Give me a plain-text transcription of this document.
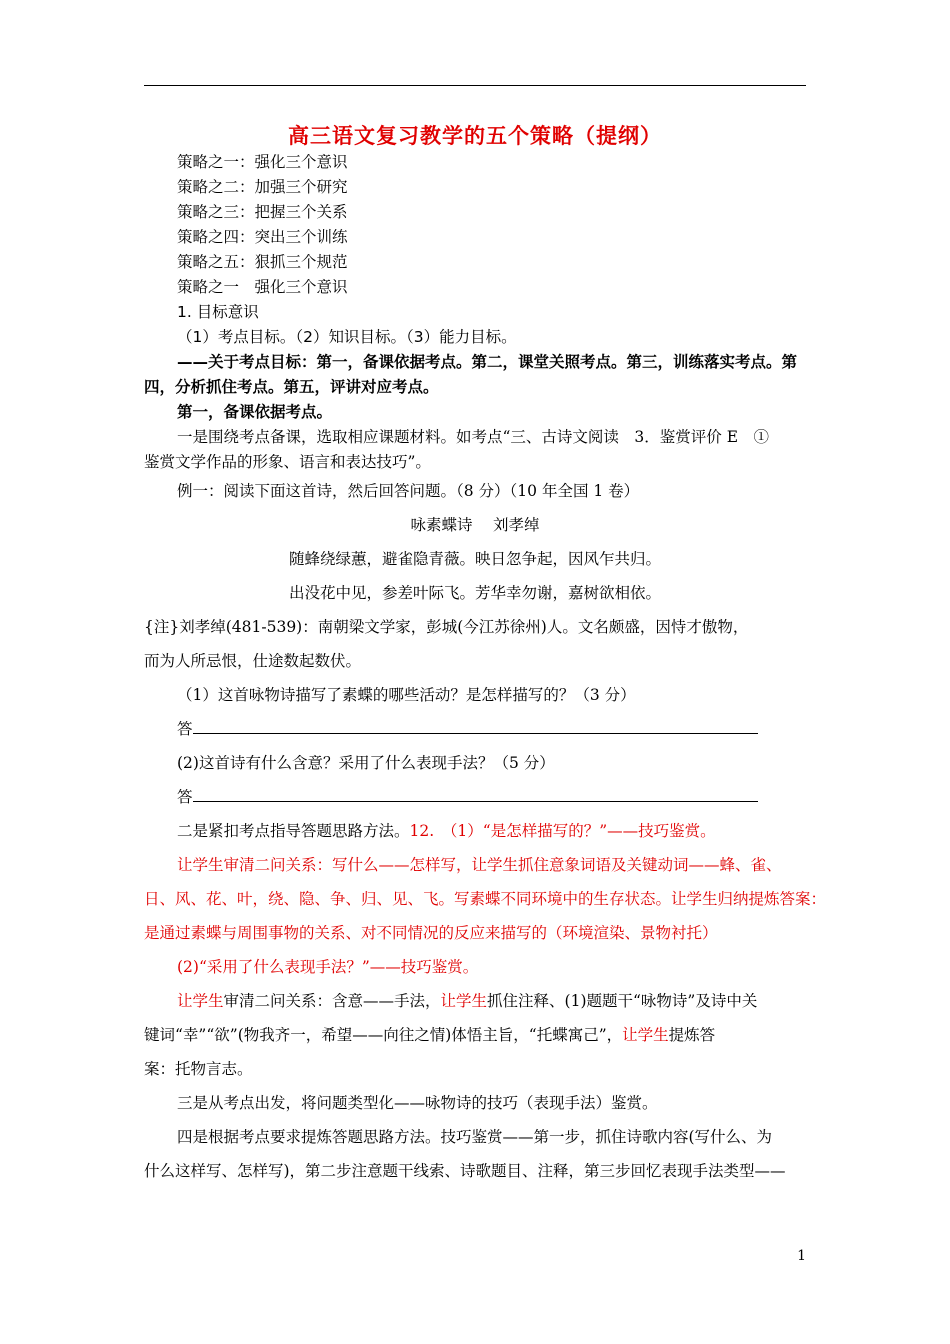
高三语文复习教学的五个策略（提纲）
策略之一：强化三个意识
策略之二：加强三个研究
策略之三：把握三个关系
策略之四：突出三个训练
策略之五：狠抓三个规范
策略之一　强化三个意识
1. 目标意识
（1）考点目标。（2）知识目标。（3）能力目标。
——关于考点目标：第一，备课依据考点。第二，课堂关照考点。第三，训练落实考点。第
四，分析抓住考点。第五，评讲对应考点。
第一，备课依据考点。
一是围绕考点备课，选取相应课题材料。如考点“三、古诗文阅读　3．鉴赏评价 E　①
鉴赏文学作品的形象、语言和表达技巧”。
例一：阅读下面这首诗，然后回答问题。（8 分）（10 年全国 1 卷）
咏素蝶诗　 刘孝绰
随蜂绕绿蕙，避雀隐青薇。映日忽争起，因风乍共归。
出没花中见，参差叶际飞。芳华幸勿谢，嘉树欲相依。
{注}刘孝绰(481-539)：南朝梁文学家，彭城(今江苏徐州)人。文名颇盛，因恃才傲物，
而为人所忌恨，仕途数起数伏。
（1）这首咏物诗描写了素蝶的哪些活动？是怎样描写的？（3 分）
答
(2)这首诗有什么含意？采用了什么表现手法？（5 分）
答
二是紧扣考点指导答题思路方法。12.　（1）“是怎样描写的？”——技巧鉴赏。
让学生审清二问关系：写什么——怎样写，让学生抓住意象词语及关键动词——蜂、雀、
日、风、花、叶，绕、隐、争、归、见、飞。写素蝶不同环境中的生存状态。让学生归纳提炼答案：
是通过素蝶与周围事物的关系、对不同情况的反应来描写的（环境渲染、景物衬托）
(2)“采用了什么表现手法？”——技巧鉴赏。
让学生审清二问关系：含意——手法，让学生抓住注释、(1)题题干“咏物诗”及诗中关
键词“幸”“欲”(物我齐一，希望——向往之情)体悟主旨，“托蝶寓己”，让学生提炼答
案：托物言志。
三是从考点出发，将问题类型化——咏物诗的技巧（表现手法）鉴赏。
四是根据考点要求提炼答题思路方法。技巧鉴赏——第一步，抓住诗歌内容(写什么、为
什么这样写、怎样写)，第二步注意题干线索、诗歌题目、注释，第三步回忆表现手法类型——
1
